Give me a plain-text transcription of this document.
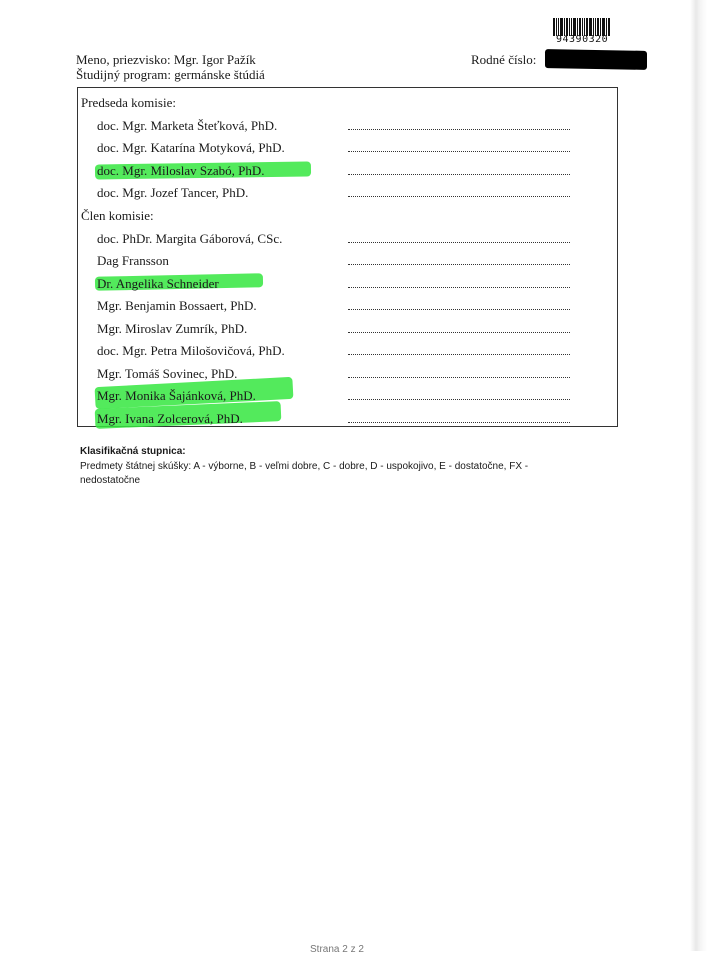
94390320
Meno, priezvisko: Mgr. Igor Pažík
Študijný program: germánske štúdiá
Rodné číslo:
Predseda komisie:
doc. Mgr. Marketa Šteťková, PhD.
doc. Mgr. Katarína Motyková, PhD.
doc. Mgr. Miloslav Szabó, PhD.
doc. Mgr. Jozef Tancer, PhD.
Člen komisie:
doc. PhDr. Margita Gáborová, CSc.
Dag Fransson
Dr. Angelika Schneider
Mgr. Benjamin Bossaert, PhD.
Mgr. Miroslav Zumrík, PhD.
doc. Mgr. Petra Milošovičová, PhD.
Mgr. Tomáš Sovinec, PhD.
Mgr. Monika Šajánková, PhD.
Mgr. Ivana Zolcerová, PhD.
Klasifikačná stupnica:
Predmety štátnej skúšky: A - výborne, B - veľmi dobre, C - dobre, D - uspokojivo, E - dostatočne, FX - nedostatočne
Strana 2 z 2
